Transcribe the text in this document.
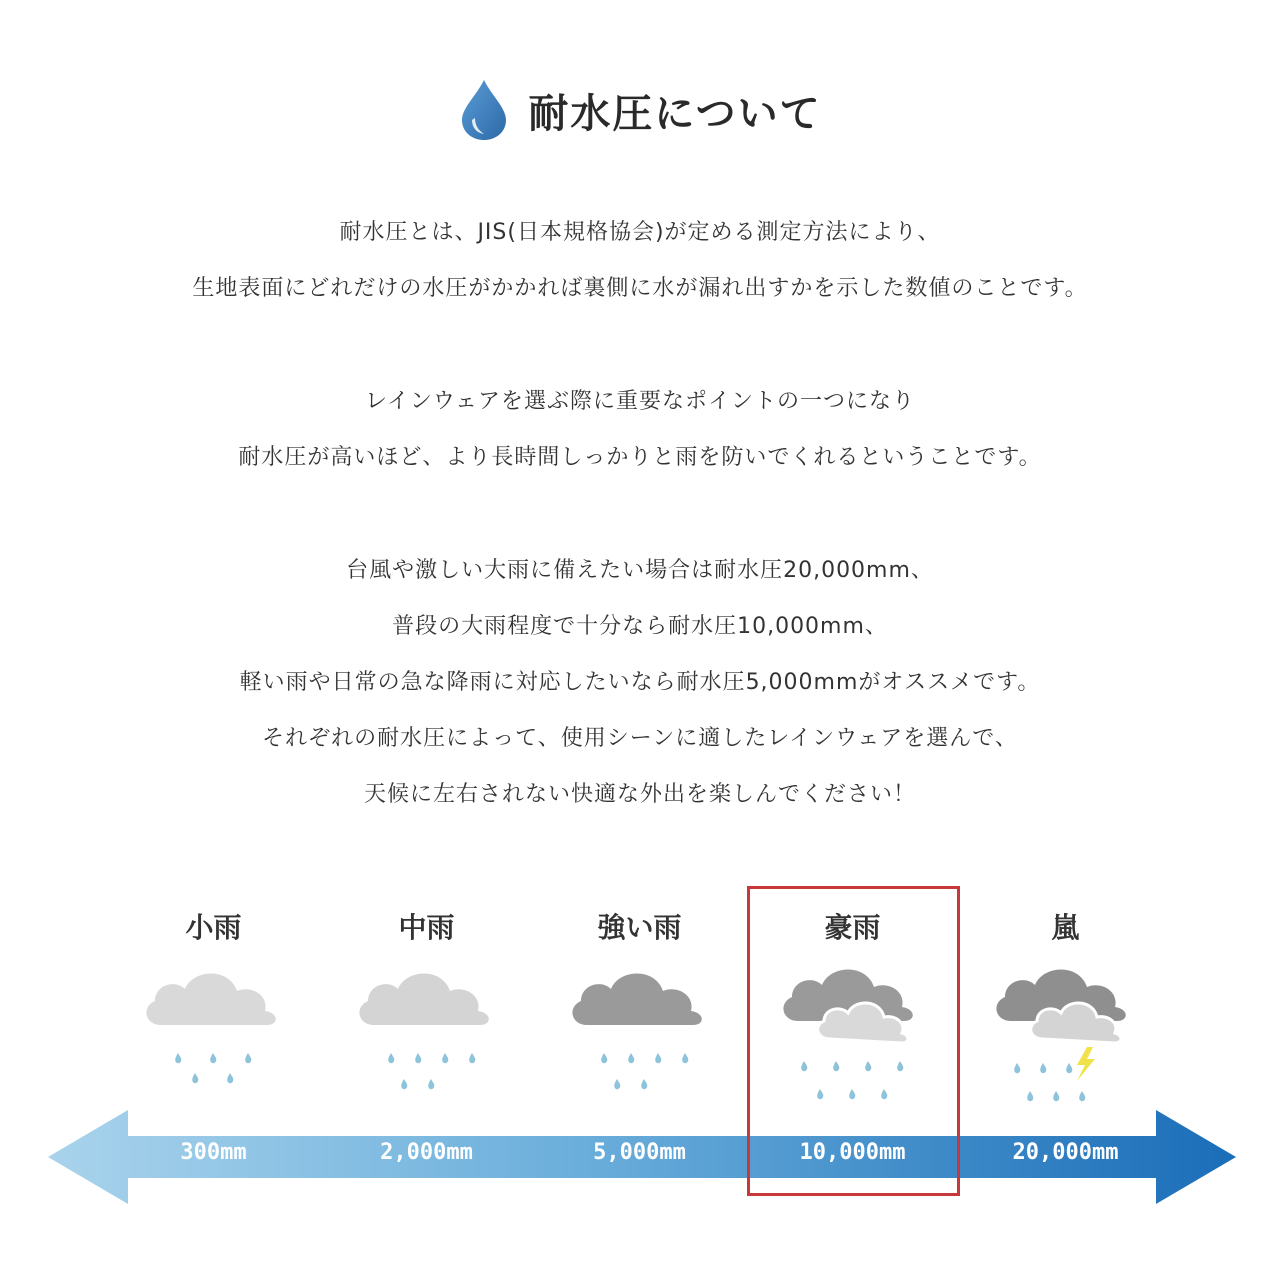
耐水圧について

耐水圧とは、JIS(日本規格協会)が定める測定方法により、
生地表面にどれだけの水圧がかかれば裏側に水が漏れ出すかを示した数値のことです。

レインウェアを選ぶ際に重要なポイントの一つになり
耐水圧が高いほど、より長時間しっかりと雨を防いでくれるということです。

台風や激しい大雨に備えたい場合は耐水圧20,000mm、
普段の大雨程度で十分なら耐水圧10,000mm、
軽い雨や日常の急な降雨に対応したいなら耐水圧5,000mmがオススメです。
それぞれの耐水圧によって、使用シーンに適したレインウェアを選んで、
天候に左右されない快適な外出を楽しんでください！

小雨	中雨	強い雨	豪雨	嵐
300mm	2,000mm	5,000mm	10,000mm	20,000mm
